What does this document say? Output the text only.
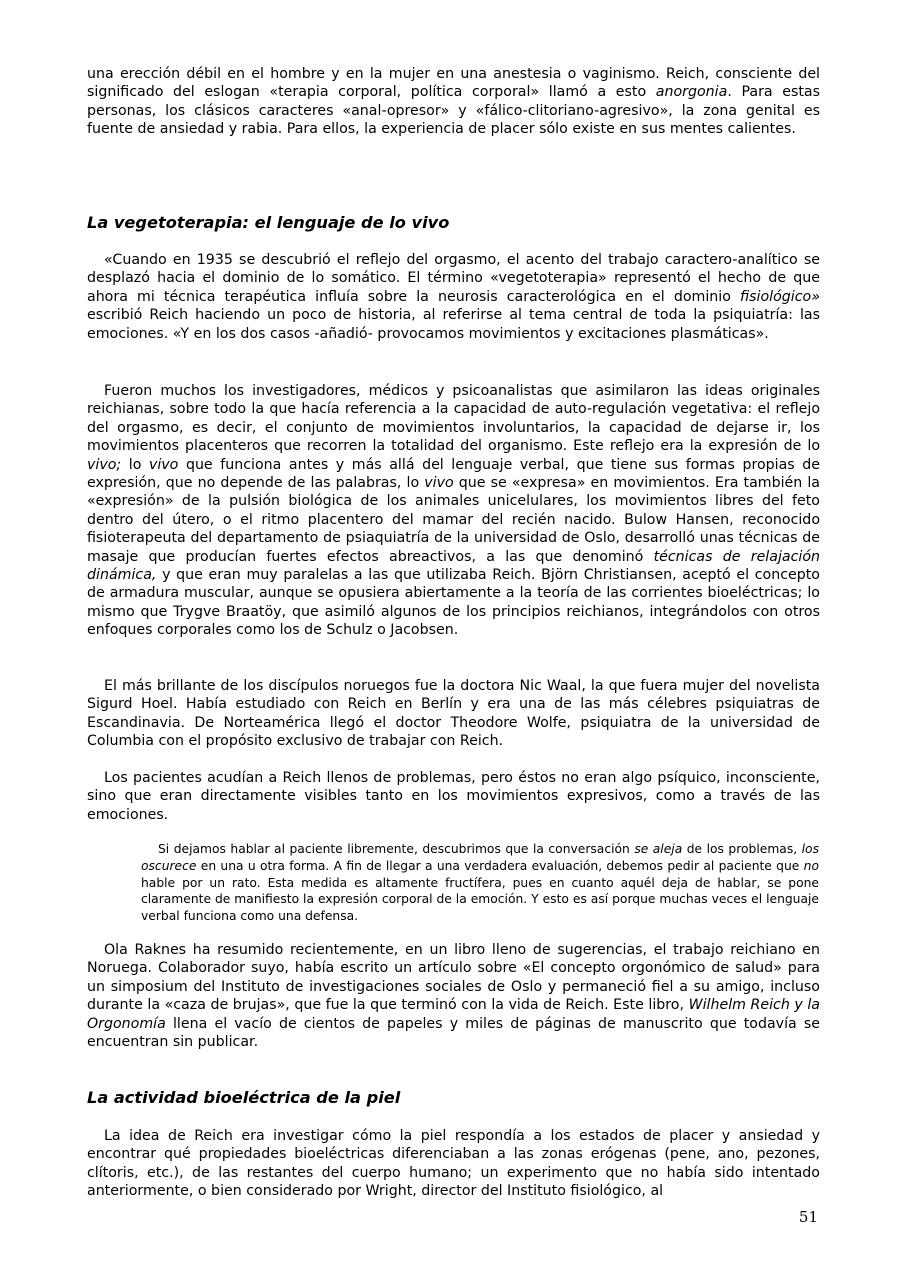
una erección débil en el hombre y en la mujer en una anestesia o vaginismo. Reich, consciente del significado del eslogan «terapia corporal, política corporal» llamó a esto anorgonia. Para estas personas, los clásicos caracteres «anal-opresor» y «fálico-clitoriano-agresivo», la zona genital es fuente de ansiedad y rabia. Para ellos, la experiencia de placer sólo existe en sus mentes calientes.

La vegetoterapia: el lenguaje de lo vivo

«Cuando en 1935 se descubrió el reflejo del orgasmo, el acento del trabajo caractero-analítico se desplazó hacia el dominio de lo somático. El término «vegetoterapia» representó el hecho de que ahora mi técnica terapéutica influía sobre la neurosis caracterológica en el dominio fisiológico» escribió Reich haciendo un poco de historia, al referirse al tema central de toda la psiquiatría: las emociones. «Y en los dos casos -añadió- provocamos movimientos y excitaciones plasmáticas».

Fueron muchos los investigadores, médicos y psicoanalistas que asimilaron las ideas originales reichianas, sobre todo la que hacía referencia a la capacidad de auto-regulación vegetativa: el reflejo del orgasmo, es decir, el conjunto de movimientos involuntarios, la capacidad de dejarse ir, los movimientos placenteros que recorren la totalidad del organismo. Este reflejo era la expresión de lo vivo; lo vivo que funciona antes y más allá del lenguaje verbal, que tiene sus formas propias de expresión, que no depende de las palabras, lo vivo que se «expresa» en movimientos. Era también la «expresión» de la pulsión biológica de los animales unicelulares, los movimientos libres del feto dentro del útero, o el ritmo placentero del mamar del recién nacido. Bulow Hansen, reconocido fisioterapeuta del departamento de psiaquiatría de la universidad de Oslo, desarrolló unas técnicas de masaje que producían fuertes efectos abreactivos, a las que denominó técnicas de relajación dinámica, y que eran muy paralelas a las que utilizaba Reich. Björn Christiansen, aceptó el concepto de armadura muscular, aunque se opusiera abiertamente a la teoría de las corrientes bioeléctricas; lo mismo que Trygve Braatöy, que asimiló algunos de los principios reichianos, integrándolos con otros enfoques corporales como los de Schulz o Jacobsen.

El más brillante de los discípulos noruegos fue la doctora Nic Waal, la que fuera mujer del novelista Sigurd Hoel. Había estudiado con Reich en Berlín y era una de las más célebres psiquiatras de Escandinavia. De Norteamérica llegó el doctor Theodore Wolfe, psiquiatra de la universidad de Columbia con el propósito exclusivo de trabajar con Reich.

Los pacientes acudían a Reich llenos de problemas, pero éstos no eran algo psíquico, inconsciente, sino que eran directamente visibles tanto en los movimientos expresivos, como a través de las emociones.

Si dejamos hablar al paciente libremente, descubrimos que la conversación se aleja de los problemas, los oscurece en una u otra forma. A fin de llegar a una verdadera evaluación, debemos pedir al paciente que no hable por un rato. Esta medida es altamente fructífera, pues en cuanto aquél deja de hablar, se pone claramente de manifiesto la expresión corporal de la emoción. Y esto es así porque muchas veces el lenguaje verbal funciona como una defensa.

Ola Raknes ha resumido recientemente, en un libro lleno de sugerencias, el trabajo reichiano en Noruega. Colaborador suyo, había escrito un artículo sobre «El concepto orgonómico de salud» para un simposium del Instituto de investigaciones sociales de Oslo y permaneció fiel a su amigo, incluso durante la «caza de brujas», que fue la que terminó con la vida de Reich. Este libro, Wilhelm Reich y la Orgonomía llena el vacío de cientos de papeles y miles de páginas de manuscrito que todavía se encuentran sin publicar.

La actividad bioeléctrica de la piel

La idea de Reich era investigar cómo la piel respondía a los estados de placer y ansiedad y encontrar qué propiedades bioeléctricas diferenciaban a las zonas erógenas (pene, ano, pezones, clítoris, etc.), de las restantes del cuerpo humano; un experimento que no había sido intentado anteriormente, o bien considerado por Wright, director del Instituto fisiológico, al

51
